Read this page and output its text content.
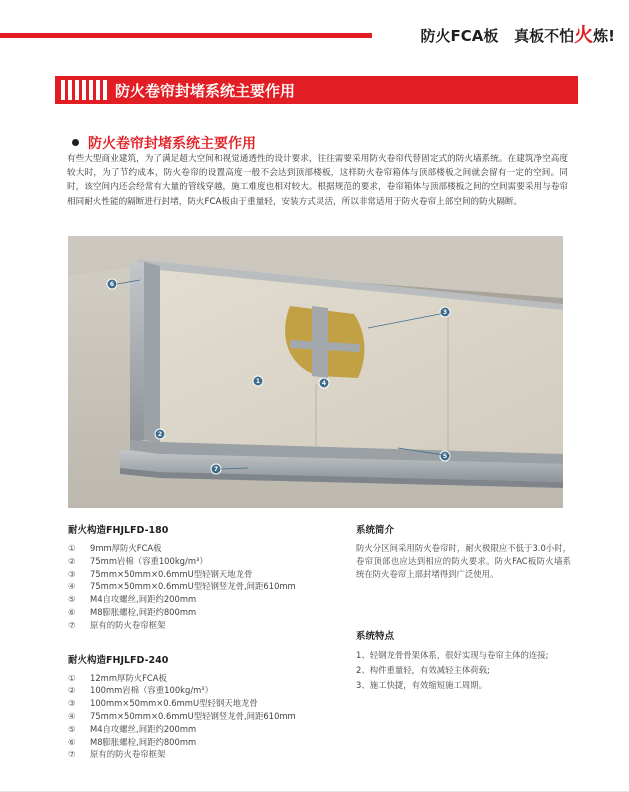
防火FCA板 真板不怕火炼!
防火卷帘封堵系统主要作用
防火卷帘封堵系统主要作用
有些大型商业建筑，为了满足超大空间和视觉通透性的设计要求，往往需要采用防火卷帘代替固定式的防火墙系统。在建筑净空高度较大时，为了节约成本，防火卷帘的设置高度一般不会达到顶部楼板，这样防火卷帘箱体与顶部楼板之间就会留有一定的空间。同时，该空间内还会经常有大量的管线穿越，施工难度也相对较大。根据规范的要求，卷帘箱体与顶部楼板之间的空间需要采用与卷帘相同耐火性能的隔断进行封堵，防火FCA板由于重量轻，安装方式灵活，所以非常适用于防火卷帘上部空间的防火隔断。
6
1
3
4
5
2
7
耐火构造FHJLFD-180
① 9mm厚防火FCA板
② 75mm岩棉（容重100kg/m³）
③ 75mm×50mm×0.6mmU型轻钢天地龙骨
④ 75mm×50mm×0.6mmU型轻钢竖龙骨,间距610mm
⑤ M4自攻螺丝,间距约200mm
⑥ M8膨胀螺栓,间距约800mm
⑦ 原有的防火卷帘框架
耐火构造FHJLFD-240
① 12mm厚防火FCA板
② 100mm岩棉（容重100kg/m³）
③ 100mm×50mm×0.6mmU型轻钢天地龙骨
④ 75mm×50mm×0.6mmU型轻钢竖龙骨,间距610mm
⑤ M4自攻螺丝,间距约200mm
⑥ M8膨胀螺栓,间距约800mm
⑦ 原有的防火卷帘框架
系统简介
防火分区间采用防火卷帘时，耐火极限应不低于3.0小时，卷帘顶部也应达到相应的防火要求。防火FAC板防火墙系统在防火卷帘上部封堵得到广泛使用。
系统特点
1、轻钢龙骨骨架体系，很好实现与卷帘主体的连接;
2、构件重量轻，有效减轻主体荷载;
3、施工快捷，有效缩短施工周期。
